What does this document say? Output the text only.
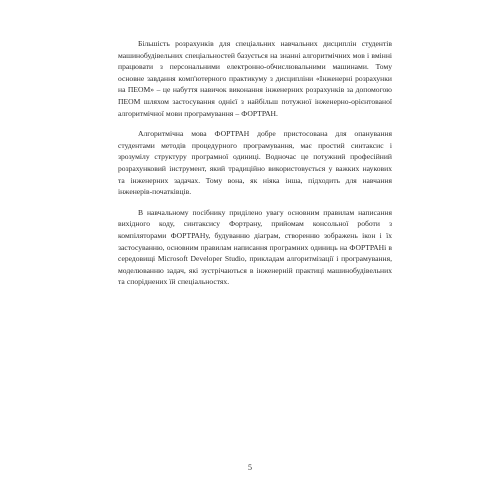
Більшість розрахунків для спеціальних навчальних дисциплін студентів машинобудівельних спеціальностей базується на знанні алгоритмічних мов і вмінні працювати з персональними електронно-обчислювальними машинами. Тому основне завдання комп'ютерного практикуму з дисципліни «Інженерні розрахунки на ПЕОМ» – це набуття навичок виконання інженерних розрахунків за допомогою ПЕОМ шляхом застосування однієї з найбільш потужної інженерно-орієнтованої алгоритмічної мови програмування – ФОРТРАН.

Алгоритмічна мова ФОРТРАН добре пристосована для опанування студентами методів процедурного програмування, має простий синтаксис і зрозумілу структуру програмної одиниці. Водночас це потужний професійний розрахунковий інструмент, який традиційно використовується у важких наукових та інженерних задачах. Тому вона, як ніяка інша, підходить для навчання інженерів-початківців.

В навчальному посібнику приділено увагу основним правилам написання вихідного коду, синтаксису Фортрану, прийомам консольної роботи з компіляторами ФОРТРАНу, будуванню діаграм, створенню зображень ікон і їх застосуванню, основним правилам написання програмних одиниць на ФОРТРАНі в середовищі Microsoft Developer Studio, прикладам алгоритмізації і програмування, моделюванню задач, які зустрічаються в інженерній практиці машинобудівельних та споріднених їй спеціальностях.

5
